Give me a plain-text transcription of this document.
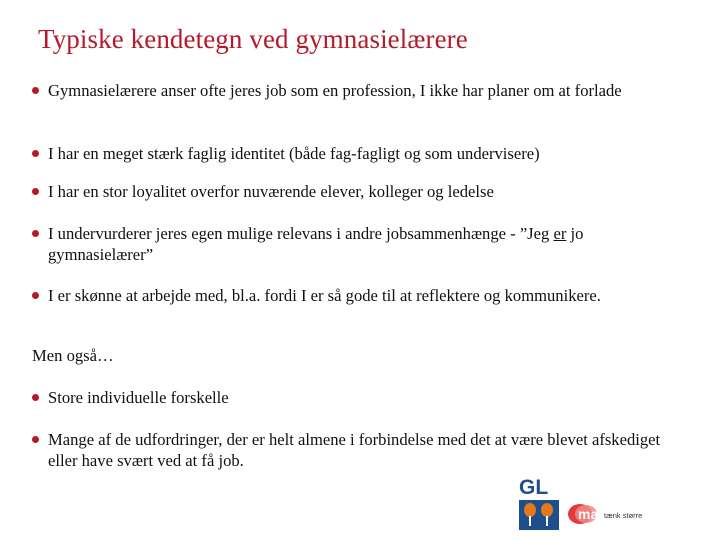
Typiske kendetegn ved gymnasielærere
Gymnasielærere anser ofte jeres job som en profession, I ikke har planer om at forlade
I har en meget stærk faglig identitet (både fag-fagligt og som undervisere)
I har en stor loyalitet overfor nuværende elever, kolleger og ledelse
I undervurderer jeres egen mulige relevans i andre jobsammenhænge - ”Jeg er jo gymnasielærer”
I er skønne at arbejde med, bl.a. fordi I er så gode til at reflektere og kommunikere.
Men også…
Store individuelle forskelle
Mange af de udfordringer, der er helt almene i forbindelse med det at være blevet afskediget eller have svært ved at få job.
GL
ma tænk større
